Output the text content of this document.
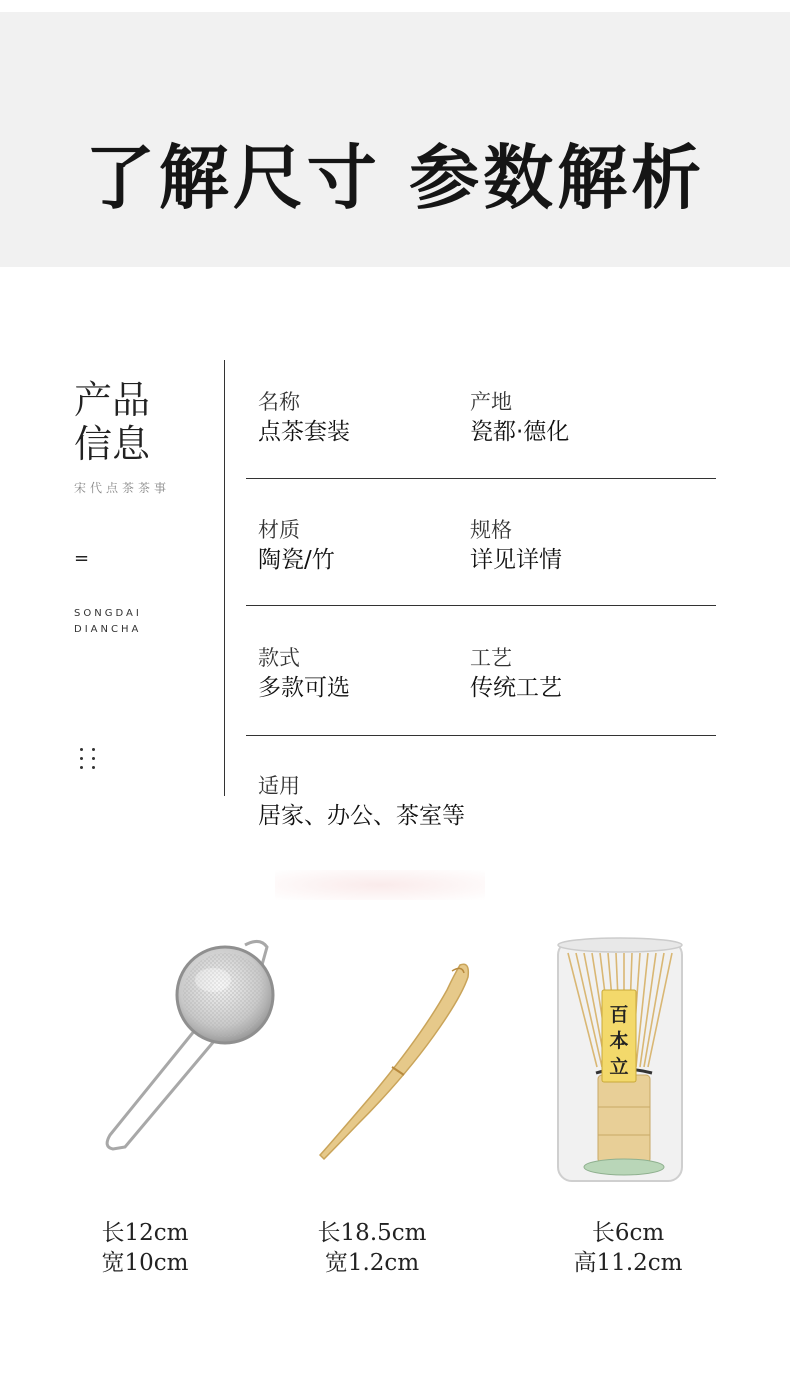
了解尺寸 参数解析
产品
信息
宋代点茶茶事
=
SONGDAI
DIANCHA
名称
点茶套装
产地
瓷都·德化
材质
陶瓷/竹
规格
详见详情
款式
多款可选
工艺
传统工艺
适用
居家、办公、茶室等
百本立
长12cm
宽10cm
长18.5cm
宽1.2cm
长6cm
高11.2cm
